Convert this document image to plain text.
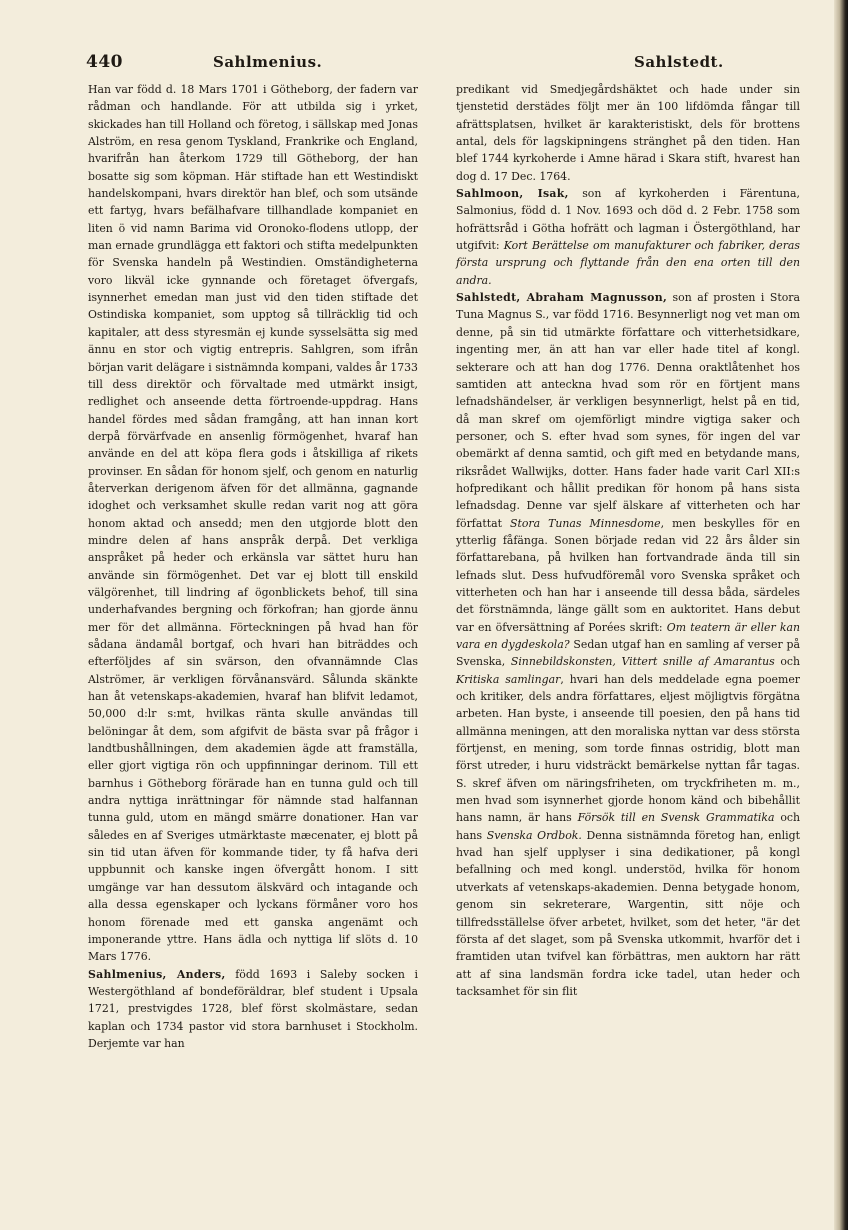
440	Sahlmenius.	Sahlstedt.

Han var född d. 18 Mars 1701 i Götheborg, der fadern var rådman och handlande. För att utbilda sig i yrket, skickades han till Holland och företog, i sällskap med Jonas Alström, en resa genom Tyskland, Frankrike och England, hvarifrån han återkom 1729 till Götheborg, der han bosatte sig som köpman. Här stiftade han ett Westindiskt handelskompani, hvars direktör han blef, och som utsände ett fartyg, hvars befälhafvare tillhandlade kompaniet en liten ö vid namn Barima vid Oronoko-flodens utlopp, der man ernade grundlägga ett faktori och stifta medelpunkten för Svenska handeln på Westindien. Omständigheterna voro likväl icke gynnande och företaget öfvergafs, isynnerhet emedan man just vid den tiden stiftade det Ostindiska kompaniet, som upptog så tillräcklig tid och kapitaler, att dess styresmän ej kunde sysselsätta sig med ännu en stor och vigtig entrepris. Sahlgren, som ifrån början varit delägare i sistnämnda kompani, valdes år 1733 till dess direktör och förvaltade med utmärkt insigt, redlighet och anseende detta förtroende-uppdrag. Hans handel fördes med sådan framgång, att han innan kort derpå förvärfvade en ansenlig förmögenhet, hvaraf han använde en del att köpa flera gods i åtskilliga af rikets provinser. En sådan för honom sjelf, och genom en naturlig återverkan derigenom äfven för det allmänna, gagnande idoghet och verksamhet skulle redan varit nog att göra honom aktad och ansedd; men den utgjorde blott den mindre delen af hans anspråk derpå. Det verkliga anspråket på heder och erkänsla var sättet huru han använde sin förmögenhet. Det var ej blott till enskild välgörenhet, till lindring af ögonblickets behof, till sina underhafvandes bergning och förkofran; han gjorde ännu mer för det allmänna. Förteckningen på hvad han för sådana ändamål bortgaf, och hvari han biträddes och efterföljdes af sin svärson, den ofvannämnde Clas Alströmer, är verkligen förvånansvärd. Sålunda skänkte han åt vetenskaps-akademien, hvaraf han blifvit ledamot, 50,000 d:lr s:mt, hvilkas ränta skulle användas till belöningar åt dem, som afgifvit de bästa svar på frågor i landtbushållningen, dem akademien ägde att framställa, eller gjort vigtiga rön och uppfinningar derinom. Till ett barnhus i Götheborg förärade han en tunna guld och till andra nyttiga inrättningar för nämnde stad halfannan tunna guld, utom en mängd smärre donationer. Han var således en af Sveriges utmärktaste mæcenater, ej blott på sin tid utan äfven för kommande tider, ty få hafva deri uppbunnit och kanske ingen öfvergått honom. I sitt umgänge var han dessutom älskvärd och intagande och alla dessa egenskaper och lyckans förmåner voro hos honom förenade med ett ganska angenämt och imponerande yttre. Hans ädla och nyttiga lif slöts d. 10 Mars 1776.

Sahlmenius, Anders, född 1693 i Saleby socken i Westergöthland af bondeföräldrar, blef student i Upsala 1721, prestvigdes 1728, blef först skolmästare, sedan kaplan och 1734 pastor vid stora barnhuset i Stockholm. Derjemte var han

predikant vid Smedjegårdshäktet och hade under sin tjenstetid derstädes följt mer än 100 lifdömda fångar till afrättsplatsen, hvilket är karakteristiskt, dels för brottens antal, dels för lagskipningens stränghet på den tiden. Han blef 1744 kyrkoherde i Amne härad i Skara stift, hvarest han dog d. 17 Dec. 1764.

Sahlmoon, Isak, son af kyrkoherden i Färentuna, Salmonius, född d. 1 Nov. 1693 och död d. 2 Febr. 1758 som hofrättsråd i Götha hofrätt och lagman i Östergöthland, har utgifvit: Kort Berättelse om manufakturer och fabriker, deras första ursprung och flyttande från den ena orten till den andra.

Sahlstedt, Abraham Magnusson, son af prosten i Stora Tuna Magnus S., var född 1716. Besynnerligt nog vet man om denne, på sin tid utmärkte författare och vitterhetsidkare, ingenting mer, än att han var eller hade titel af kongl. sekterare och att han dog 1776. Denna oraktlåtenhet hos samtiden att anteckna hvad som rör en förtjent mans lefnadshändelser, är verkligen besynnerligt, helst på en tid, då man skref om ojemförligt mindre vigtiga saker och personer, och S. efter hvad som synes, för ingen del var obemärkt af denna samtid, och gift med en betydande mans, riksrådet Wallwijks, dotter. Hans fader hade varit Carl XII:s hofpredikant och hållit predikan för honom på hans sista lefnadsdag. Denne var sjelf älskare af vitterheten och har författat Stora Tunas Minnesdome, men beskylles för en ytterlig fåfänga. Sonen började redan vid 22 års ålder sin författarebana, på hvilken han fortvandrade ända till sin lefnads slut. Dess hufvudföremål voro Svenska språket och vitterheten och han har i anseende till dessa båda, särdeles det förstnämnda, länge gällt som en auktoritet. Hans debut var en öfversättning af Porées skrift: Om teatern är eller kan vara en dygdeskola? Sedan utgaf han en samling af verser på Svenska, Sinnebildskonsten, Vittert snille af Amarantus och Kritiska samlingar, hvari han dels meddelade egna poemer och kritiker, dels andra författares, eljest möjligtvis förgätna arbeten. Han byste, i anseende till poesien, den på hans tid allmänna meningen, att den moraliska nyttan var dess största förtjenst, en mening, som torde finnas ostridig, blott man först utreder, i huru vidsträckt bemärkelse nyttan får tagas. S. skref äfven om näringsfriheten, om tryckfriheten m. m., men hvad som isynnerhet gjorde honom känd och bibehållit hans namn, är hans Försök till en Svensk Grammatika och hans Svenska Ordbok. Denna sistnämnda företog han, enligt hvad han sjelf upplyser i sina dedikationer, på kongl befallning och med kongl. understöd, hvilka för honom utverkats af vetenskaps-akademien. Denna betygade honom, genom sin sekreterare, Wargentin, sitt nöje och tillfredsställelse öfver arbetet, hvilket, som det heter, "är det första af det slaget, som på Svenska utkommit, hvarför det i framtiden utan tvifvel kan förbättras, men auktorn har rätt att af sina landsmän fordra icke tadel, utan heder och tacksamhet för sin flit
